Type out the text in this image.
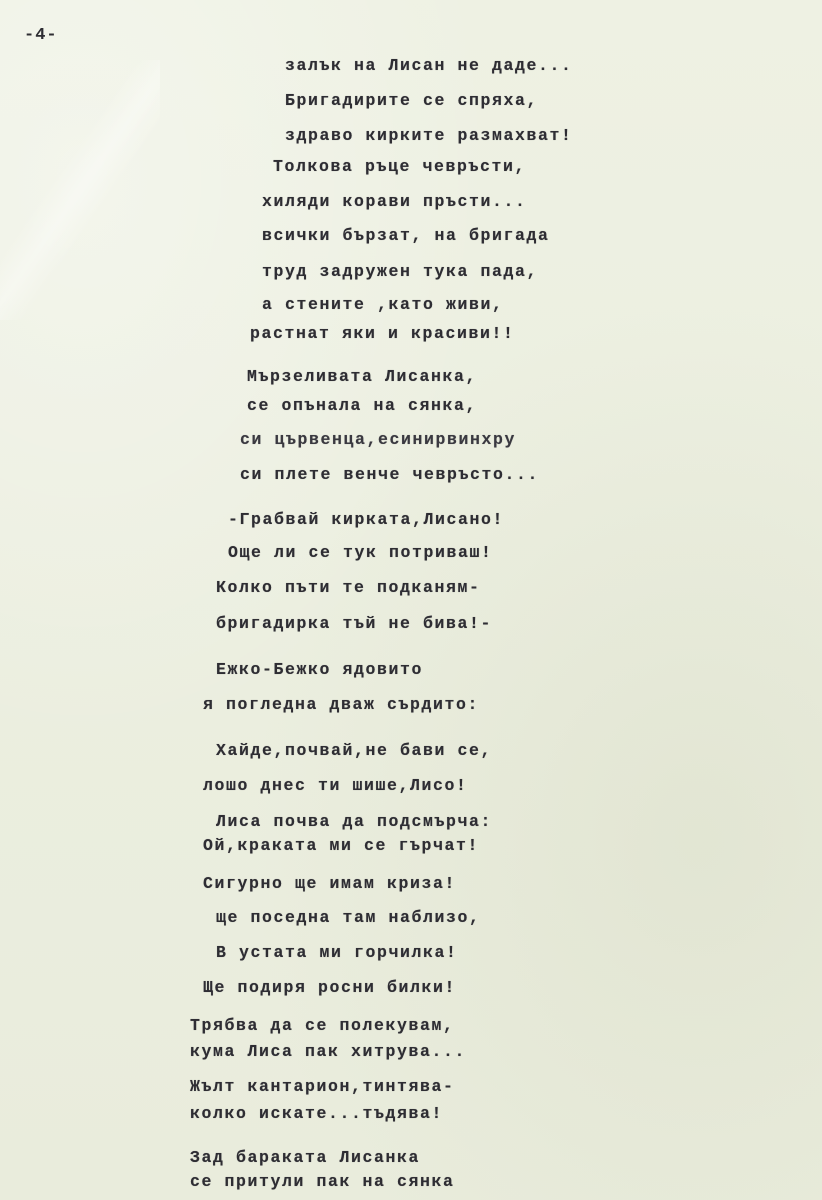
-4-
залък на Лисан не даде...
Бригадирите се спряха,
здраво кирките размахват!
Толкова ръце чевръсти,
хиляди корави пръсти...
всички бързат, на бригада
труд задружен тука пада,
а стените ,като живи,
растнат яки и красиви!!
Мързеливата Лисанка,
се опънала на сянка,
си цървенца,есинирвинхру
си плете венче чевръсто...
-Грабвай кирката,Лисано!
Още ли се тук потриваш!
Колко пъти те подканям-
бригадирка тъй не бива!-
Ежко-Бежко ядовито
я погледна двaж сърдито:
Хайде,почвай,не бави се,
лошо днес ти шише,Лисо!
Лиса почва да подсмърча:
Ой,краката ми се гърчат!
Сигурно ще имам криза!
ще поседна там наблизо,
В устата ми горчилка!
Ще подиря росни билки!
Трябва да се полекувам,
кума Лиса пак хитрува...
Жълт кантарион,тинтява-
колко искате...тъдява!
Зад бараката Лисанка
се притули пак на сянка
